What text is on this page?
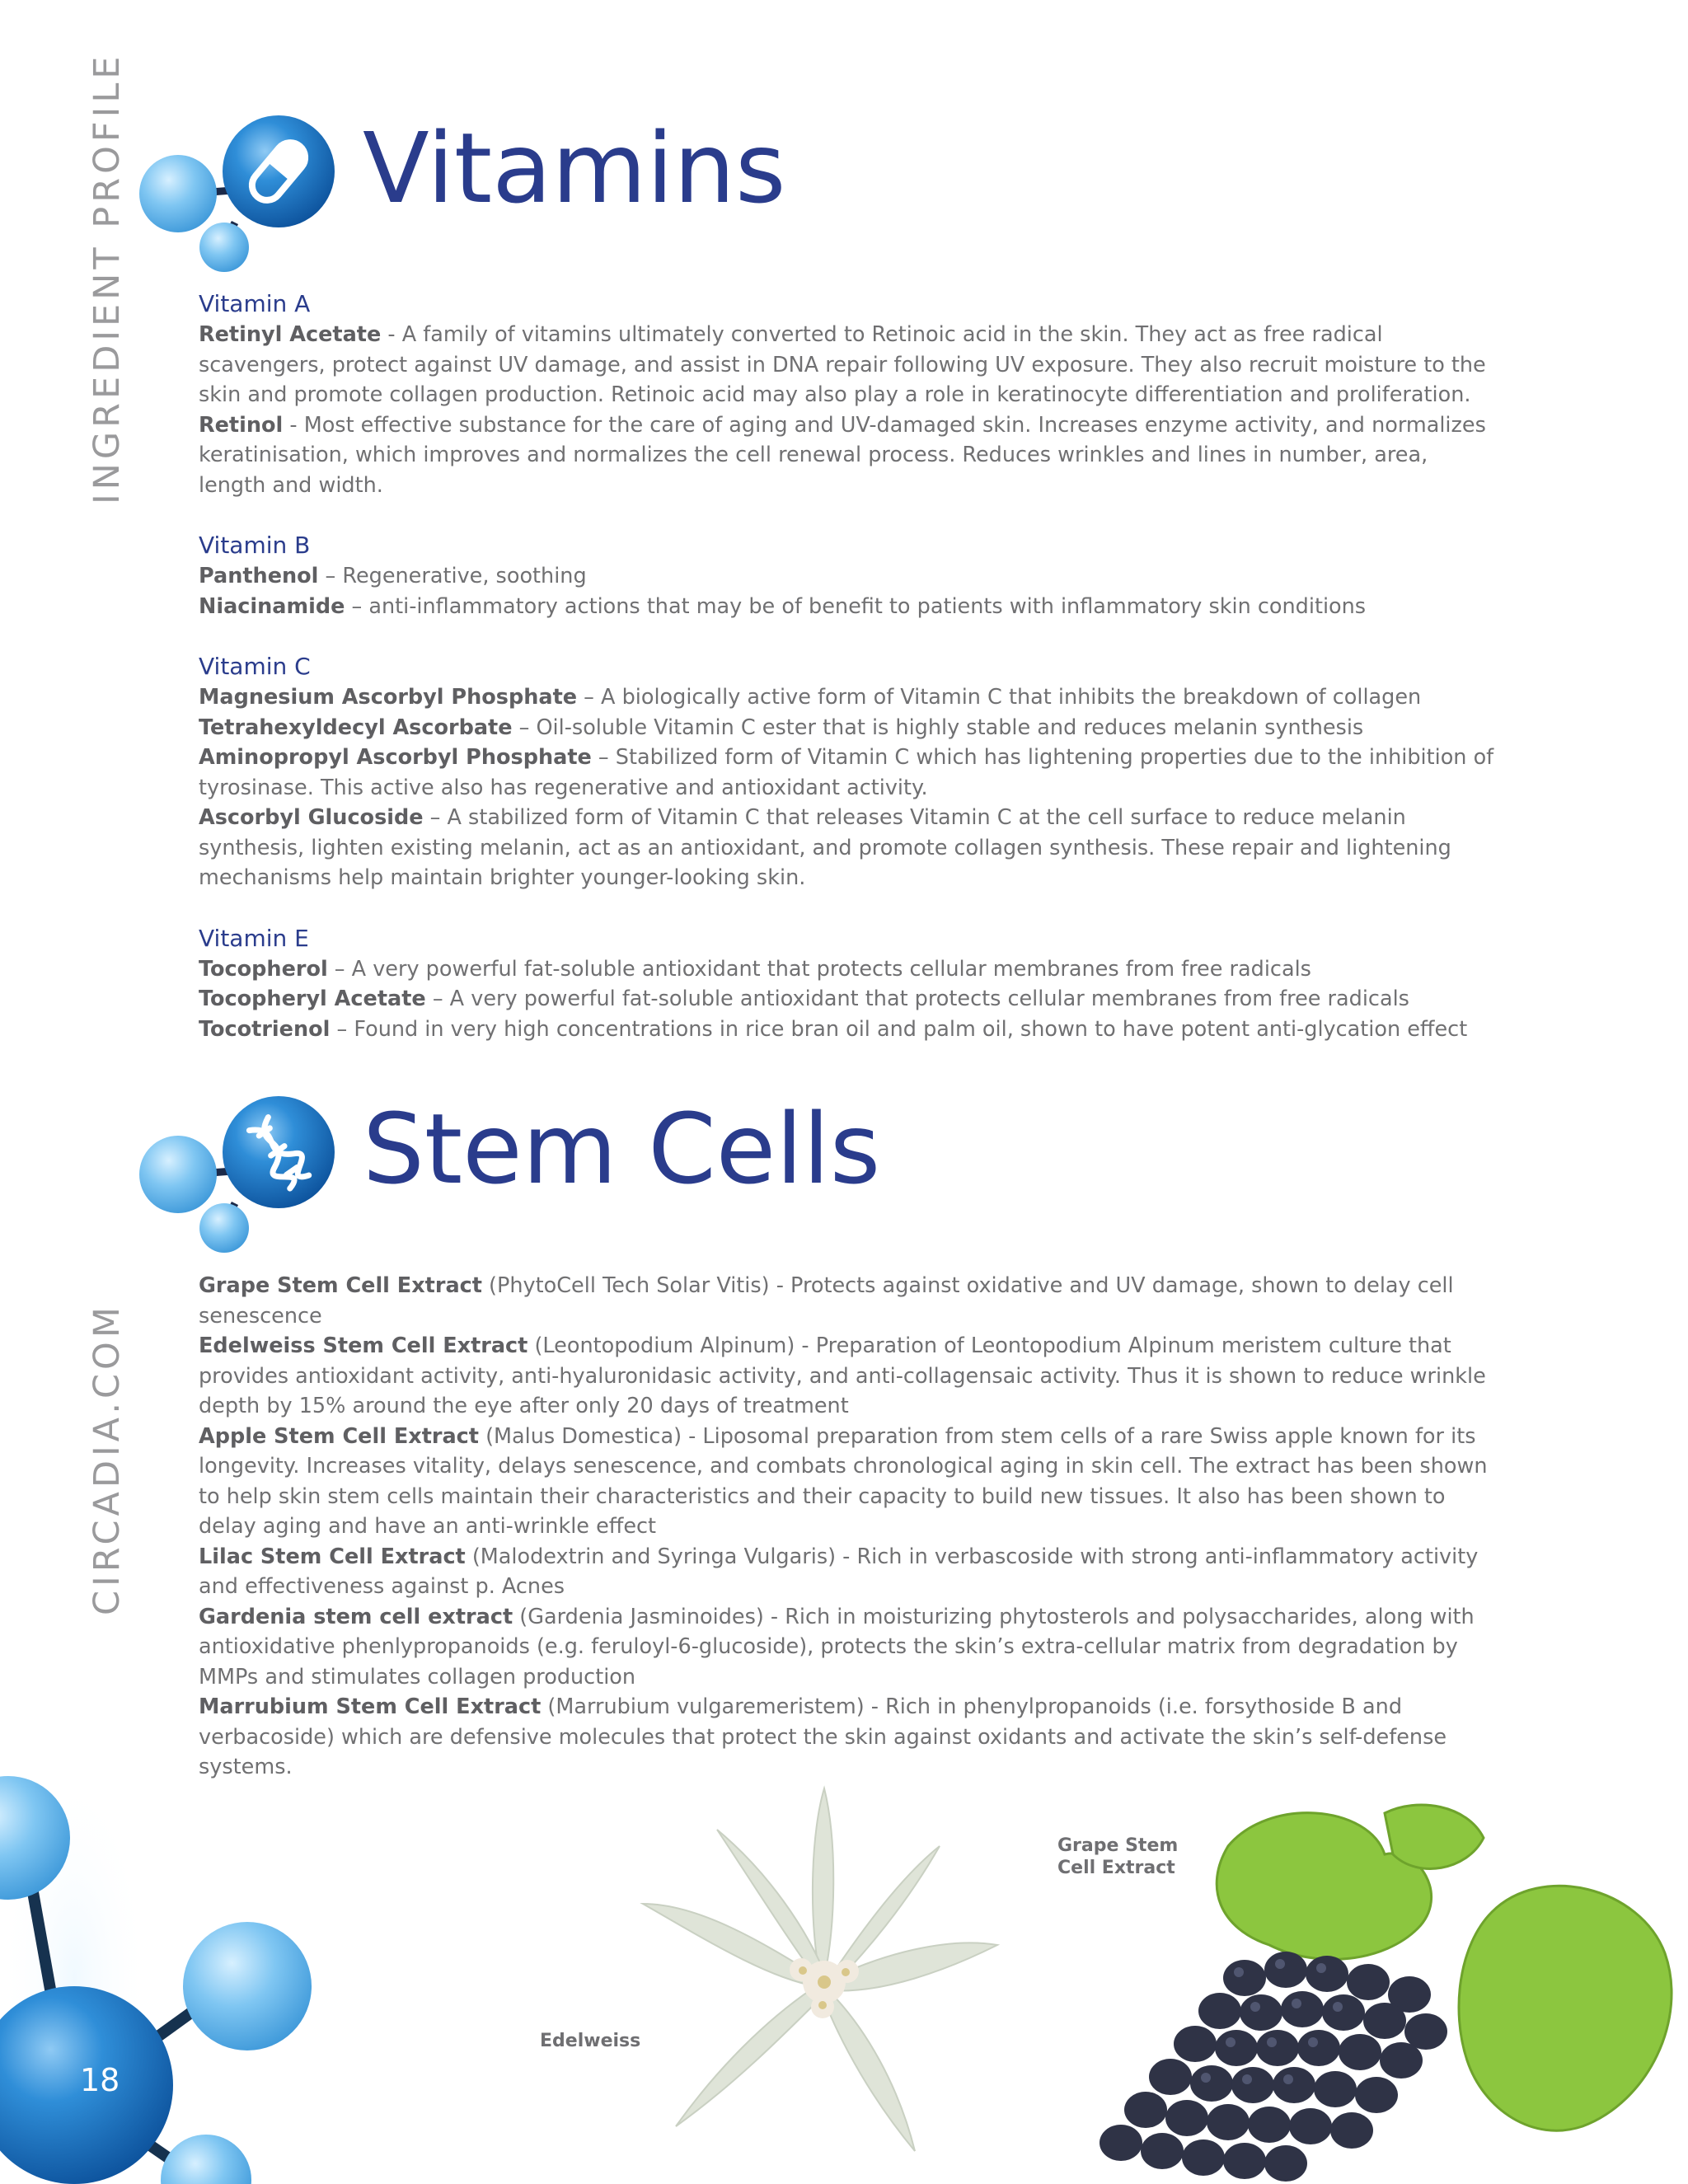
INGREDIENT PROFILE
CIRCADIA.COM
Vitamins

Vitamin A

Retinyl Acetate - A family of vitamins ultimately converted to Retinoic acid in the skin. They act as free radical scavengers, protect against UV damage, and assist in DNA repair following UV exposure. They also recruit moisture to the skin and promote collagen production. Retinoic acid may also play a role in keratinocyte differentiation and proliferation.

Retinol - Most effective substance for the care of aging and UV-damaged skin. Increases enzyme activity, and normalizes keratinisation, which improves and normalizes the cell renewal process. Reduces wrinkles and lines in number, area, length and width.

Vitamin B

Panthenol – Regenerative, soothing

Niacinamide – anti-inflammatory actions that may be of benefit to patients with inflammatory skin conditions

Vitamin C

Magnesium Ascorbyl Phosphate – A biologically active form of Vitamin C that inhibits the breakdown of collagen

Tetrahexyldecyl Ascorbate – Oil-soluble Vitamin C ester that is highly stable and reduces melanin synthesis

Aminopropyl Ascorbyl Phosphate – Stabilized form of Vitamin C which has lightening properties due to the inhibition of tyrosinase. This active also has regenerative and antioxidant activity.

Ascorbyl Glucoside – A stabilized form of Vitamin C that releases Vitamin C at the cell surface to reduce melanin synthesis, lighten existing melanin, act as an antioxidant, and promote collagen synthesis. These repair and lightening mechanisms help maintain brighter younger-looking skin.

Vitamin E

Tocopherol – A very powerful fat-soluble antioxidant that protects cellular membranes from free radicals

Tocopheryl Acetate – A very powerful fat-soluble antioxidant that protects cellular membranes from free radicals

Tocotrienol – Found in very high concentrations in rice bran oil and palm oil, shown to have potent anti-glycation effect

Stem Cells

Grape Stem Cell Extract (PhytoCell Tech Solar Vitis) - Protects against oxidative and UV damage, shown to delay cell senescence

Edelweiss Stem Cell Extract (Leontopodium Alpinum) - Preparation of Leontopodium Alpinum meristem culture that provides antioxidant activity, anti-hyaluronidasic activity, and anti-collagensaic activity. Thus it is shown to reduce wrinkle depth by 15% around the eye after only 20 days of treatment

Apple Stem Cell Extract (Malus Domestica) - Liposomal preparation from stem cells of a rare Swiss apple known for its longevity. Increases vitality, delays senescence, and combats chronological aging in skin cell. The extract has been shown to help skin stem cells maintain their characteristics and their capacity to build new tissues. It also has been shown to delay aging and have an anti-wrinkle effect

Lilac Stem Cell Extract (Malodextrin and Syringa Vulgaris) - Rich in verbascoside with strong anti-inflammatory activity and effectiveness against p. Acnes

Gardenia stem cell extract (Gardenia Jasminoides) - Rich in moisturizing phytosterols and polysaccharides, along with antioxidative phenlypropanoids (e.g. feruloyl-6-glucoside), protects the skin’s extra-cellular matrix from degradation by MMPs and stimulates collagen production

Marrubium Stem Cell Extract (Marrubium vulgaremeristem) - Rich in phenylpropanoids (i.e. forsythoside B and verbacoside) which are defensive molecules that protect the skin against oxidants and activate the skin’s self-defense systems.

18
Edelweiss
Grape Stem
Cell Extract
